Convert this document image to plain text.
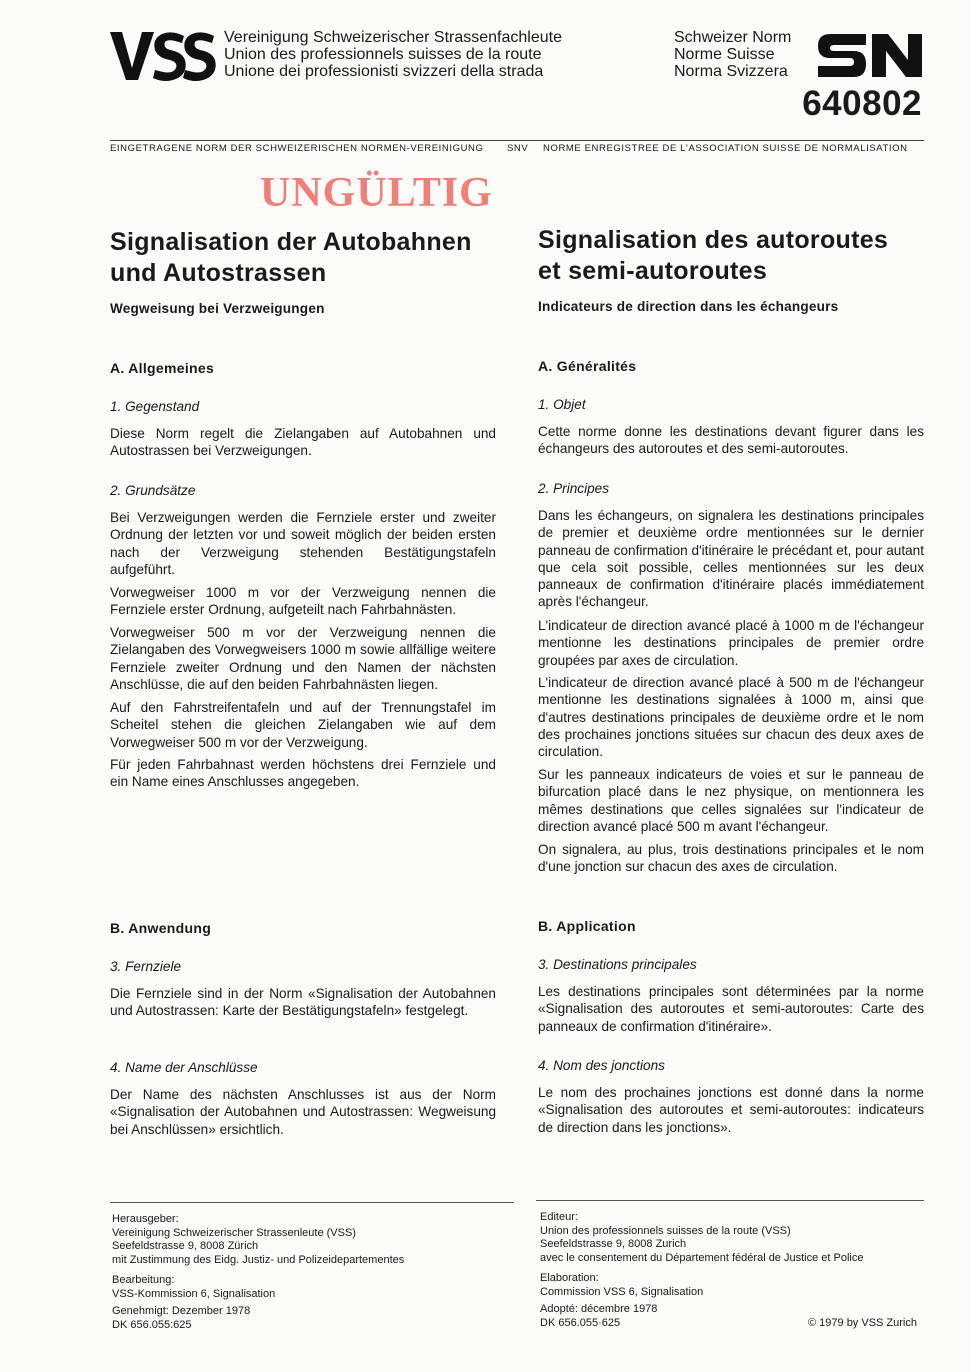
Vereinigung Schweizerischer Strassenfachleute
Union des professionnels suisses de la route
Unione dei professionisti svizzeri della strada
Schweizer Norm
Norme Suisse
Norma Svizzera
640802
EINGETRAGENE NORM DER SCHWEIZERISCHEN NORMEN-VEREINIGUNG SNV NORME ENREGISTREE DE L'ASSOCIATION SUISSE DE NORMALISATION
UNGÜLTIG
Signalisation der Autobahnen
und Autostrassen
Wegweisung bei Verzweigungen
A. Allgemeines
1. Gegenstand
Diese Norm regelt die Zielangaben auf Autobahnen und Autostrassen bei Verzweigungen.
2. Grundsätze
Bei Verzweigungen werden die Fernziele erster und zweiter Ordnung der letzten vor und soweit möglich der beiden ersten nach der Verzweigung stehenden Bestätigungstafeln aufgeführt.
Vorwegweiser 1000 m vor der Verzweigung nennen die Fernziele erster Ordnung, aufgeteilt nach Fahrbahnästen.
Vorwegweiser 500 m vor der Verzweigung nennen die Zielangaben des Vorwegweisers 1000 m sowie allfällige weitere Fernziele zweiter Ordnung und den Namen der nächsten Anschlüsse, die auf den beiden Fahrbahnästen liegen.
Auf den Fahrstreifentafeln und auf der Trennungstafel im Scheitel stehen die gleichen Zielangaben wie auf dem Vorwegweiser 500 m vor der Verzweigung.
Für jeden Fahrbahnast werden höchstens drei Fernziele und ein Name eines Anschlusses angegeben.
B. Anwendung
3. Fernziele
Die Fernziele sind in der Norm «Signalisation der Autobahnen und Autostrassen: Karte der Bestätigungstafeln» festgelegt.
4. Name der Anschlüsse
Der Name des nächsten Anschlusses ist aus der Norm «Signalisation der Autobahnen und Autostrassen: Wegweisung bei Anschlüssen» ersichtlich.
Signalisation des autoroutes
et semi-autoroutes
Indicateurs de direction dans les échangeurs
A. Généralités
1. Objet
Cette norme donne les destinations devant figurer dans les échangeurs des autoroutes et des semi-autoroutes.
2. Principes
Dans les échangeurs, on signalera les destinations principales de premier et deuxième ordre mentionnées sur le dernier panneau de confirmation d'itinéraire le précédant et, pour autant que cela soit possible, celles mentionnées sur les deux panneaux de confirmation d'itinéraire placés immédiatement après l'échangeur.
L'indicateur de direction avancé placé à 1000 m de l'échangeur mentionne les destinations principales de premier ordre groupées par axes de circulation.
L'indicateur de direction avancé placé à 500 m de l'échangeur mentionne les destinations signalées à 1000 m, ainsi que d'autres destinations principales de deuxième ordre et le nom des prochaines jonctions situées sur chacun des deux axes de circulation.
Sur les panneaux indicateurs de voies et sur le panneau de bifurcation placé dans le nez physique, on mentionnera les mêmes destinations que celles signalées sur l'indicateur de direction avancé placé 500 m avant l'échangeur.
On signalera, au plus, trois destinations principales et le nom d'une jonction sur chacun des axes de circulation.
B. Application
3. Destinations principales
Les destinations principales sont déterminées par la norme «Signalisation des autoroutes et semi-autoroutes: Carte des panneaux de confirmation d'itinéraire».
4. Nom des jonctions
Le nom des prochaines jonctions est donné dans la norme «Signalisation des autoroutes et semi-autoroutes: indicateurs de direction dans les jonctions».
Herausgeber:
Vereinigung Schweizerischer Strassenleute (VSS)
Seefeldstrasse 9, 8008 Zürich
mit Zustimmung des Eidg. Justiz- und Polizeidepartementes
Bearbeitung:
VSS-Kommission 6, Signalisation
Genehmigt: Dezember 1978
DK 656.055:625
Editeur:
Union des professionnels suisses de la route (VSS)
Seefeldstrasse 9, 8008 Zurich
avec le consentement du Département fédéral de Justice et Police
Elaboration:
Commission VSS 6, Signalisation
Adopté: décembre 1978
DK 656.055·625	© 1979 by VSS Zurich
